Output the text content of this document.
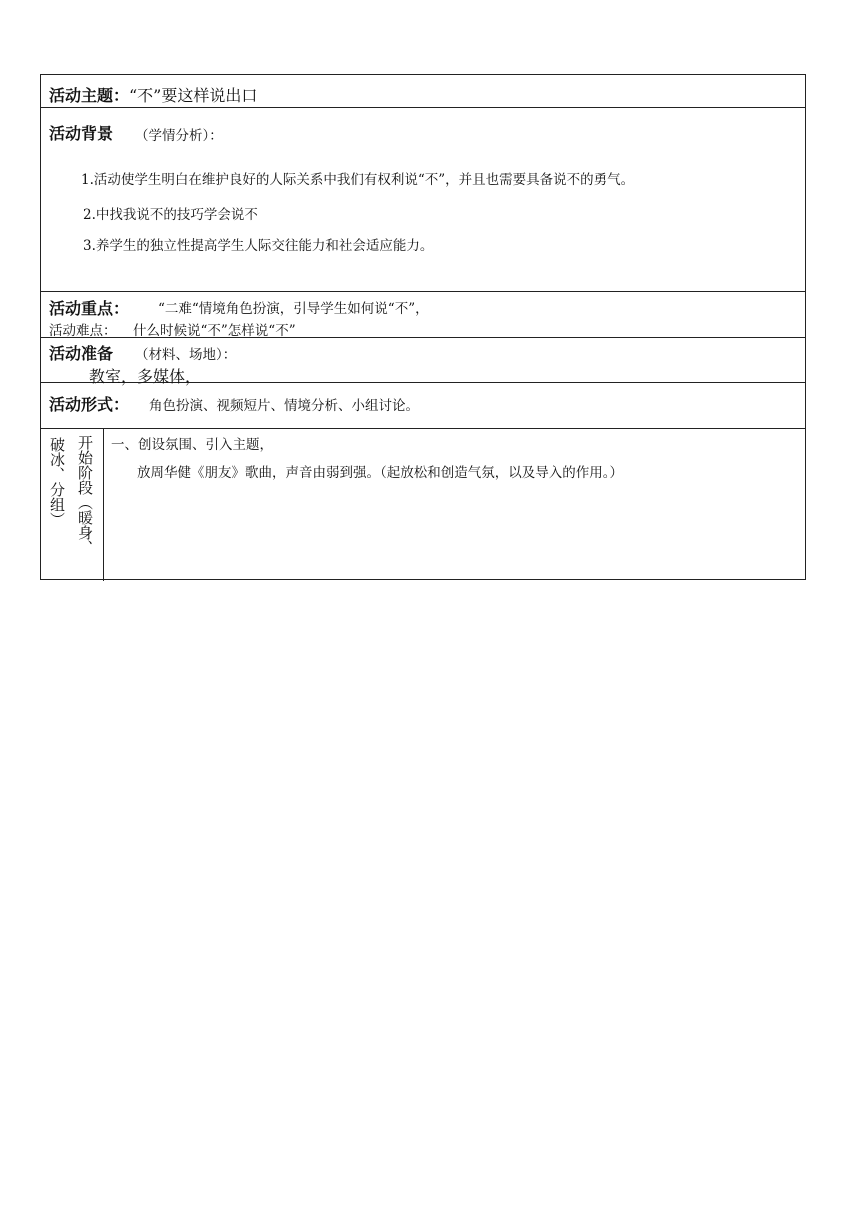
活动主题： “不”要这样说出口
活动背景 （学情分析）：
1.活动使学生明白在维护良好的人际关系中我们有权利说“不”，并且也需要具备说不的勇气。
2.中找我说不的技巧学会说不
3.养学生的独立性提高学生人际交往能力和社会适应能力。
活动重点： “二难“情境角色扮演，引导学生如何说“不”，
活动难点： 什么时候说“不”怎样说“不”
活动准备 （材料、场地）：
教室，多媒体，
活动形式： 角色扮演、视频短片、情境分析、小组讨论。
开始阶段（暖身、
破冰、分组）	一、创设氛围、引入主题，
放周华健《朋友》歌曲，声音由弱到强。（起放松和创造气氛，以及导入的作用。）
